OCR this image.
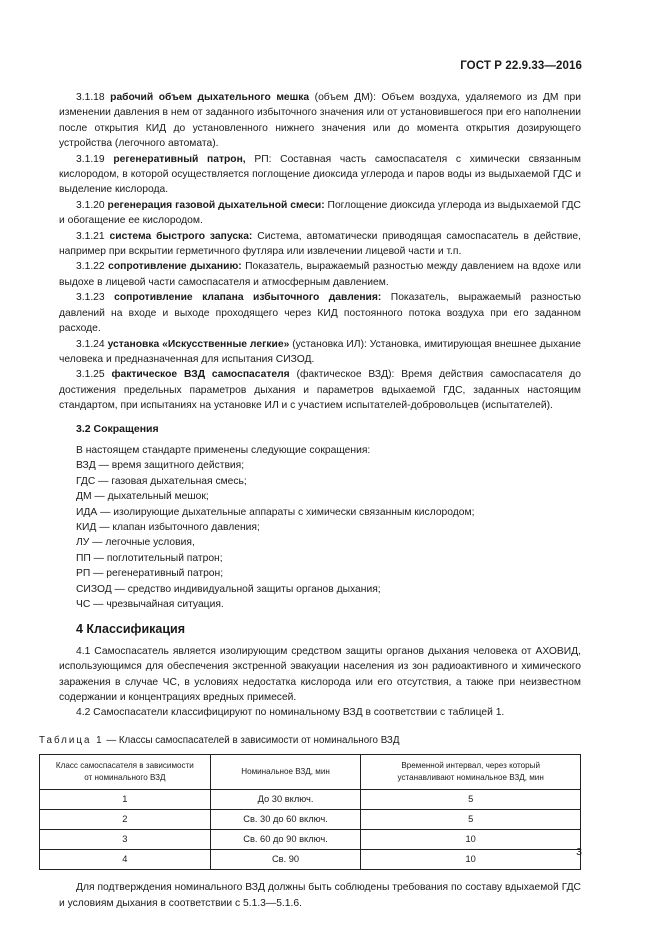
ГОСТ Р 22.9.33—2016

3.1.18 рабочий объем дыхательного мешка (объем ДМ): Объем воздуха, удаляемого из ДМ при изменении давления в нем от заданного избыточного значения или от установившегося при его наполнении после открытия КИД до установленного нижнего значения или до момента открытия дозирующего устройства (легочного автомата).

3.1.19 регенеративный патрон, РП: Составная часть самоспасателя с химически связанным кислородом, в которой осуществляется поглощение диоксида углерода и паров воды из выдыхаемой ГДС и выделение кислорода.

3.1.20 регенерация газовой дыхательной смеси: Поглощение диоксида углерода из выдыхаемой ГДС и обогащение ее кислородом.

3.1.21 система быстрого запуска: Система, автоматически приводящая самоспасатель в действие, например при вскрытии герметичного футляра или извлечении лицевой части и т.п.

3.1.22 сопротивление дыханию: Показатель, выражаемый разностью между давлением на вдохе или выдохе в лицевой части самоспасателя и атмосферным давлением.

3.1.23 сопротивление клапана избыточного давления: Показатель, выражаемый разностью давлений на входе и выходе проходящего через КИД постоянного потока воздуха при его заданном расходе.

3.1.24 установка «Искусственные легкие» (установка ИЛ): Установка, имитирующая внешнее дыхание человека и предназначенная для испытания СИЗОД.

3.1.25 фактическое ВЗД самоспасателя (фактическое ВЗД): Время действия самоспасателя до достижения предельных параметров дыхания и параметров вдыхаемой ГДС, заданных настоящим стандартом, при испытаниях на установке ИЛ и с участием испытателей-добровольцев (испытателей).

3.2 Сокращения
В настоящем стандарте применены следующие сокращения:
ВЗД — время защитного действия;
ГДС — газовая дыхательная смесь;
ДМ — дыхательный мешок;
ИДА — изолирующие дыхательные аппараты с химически связанным кислородом;
КИД — клапан избыточного давления;
ЛУ — легочные условия,
ПП — поглотительный патрон;
РП — регенеративный патрон;
СИЗОД — средство индивидуальной защиты органов дыхания;
ЧС — чрезвычайная ситуация.
4 Классификация

4.1 Самоспасатель является изолирующим средством защиты органов дыхания человека от АХОВИД, использующимся для обеспечения экстренной эвакуации населения из зон радиоактивного и химического заражения в случае ЧС, в условиях недостатка кислорода или его отсутствия, а также при неизвестном содержании и концентрациях вредных примесей.

4.2 Самоспасатели классифицируют по номинальному ВЗД в соответствии с таблицей 1.

Таблица 1 — Классы самоспасателей в зависимости от номинального ВЗД
Класс самоспасателя в зависимости от номинального ВЗД	Номинальное ВЗД, мин	Временной интервал, через который устанавливают номинальное ВЗД, мин
1	До 30 включ.	5
2	Св. 30 до 60 включ.	5
3	Св. 60 до 90 включ.	10
4	Св. 90	10

Для подтверждения номинального ВЗД должны быть соблюдены требования по составу вдыхаемой ГДС и условиям дыхания в соответствии с 5.1.3—5.1.6.

3
